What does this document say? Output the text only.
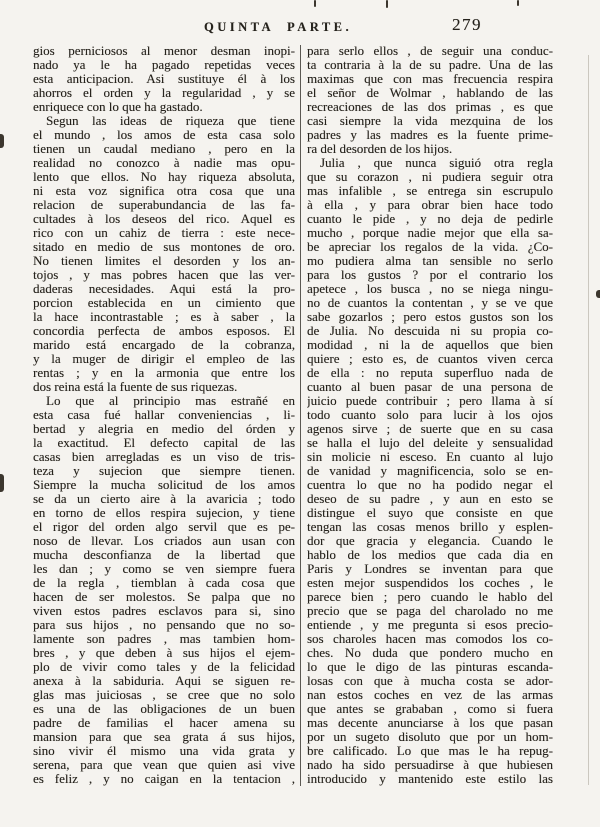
QUINTA PARTE.	279
gios perniciosos al menor desman inopi-
nado ya le ha pagado repetidas veces
esta anticipacion. Asi sustituye él à los
ahorros el orden y la regularidad , y se
enriquece con lo que ha gastado.
Segun las ideas de riqueza que tiene
el mundo , los amos de esta casa solo
tienen un caudal mediano , pero en la
realidad no conozco à nadie mas opu-
lento que ellos. No hay riqueza absoluta,
ni esta voz significa otra cosa que una
relacion de superabundancia de las fa-
cultades à los deseos del rico. Aquel es
rico con un cahiz de tierra : este nece-
sitado en medio de sus montones de oro.
No tienen limites el desorden y los an-
tojos , y mas pobres hacen que las ver-
daderas necesidades. Aqui está la pro-
porcion establecida en un cimiento que
la hace incontrastable ; es à saber , la
concordia perfecta de ambos esposos. El
marido está encargado de la cobranza,
y la muger de dirigir el empleo de las
rentas ; y en la armonia que entre los
dos reina está la fuente de sus riquezas.
Lo que al principio mas estrañé en
esta casa fué hallar conveniencias , li-
bertad y alegria en medio del órden y
la exactitud. El defecto capital de las
casas bien arregladas es un viso de tris-
teza y sujecion que siempre tienen.
Siempre la mucha solicitud de los amos
se da un cierto aire à la avaricia ; todo
en torno de ellos respira sujecion, y tiene
el rigor del orden algo servil que es pe-
noso de llevar. Los criados aun usan con
mucha desconfianza de la libertad que
les dan ; y como se ven siempre fuera
de la regla , tiemblan à cada cosa que
hacen de ser molestos. Se palpa que no
viven estos padres esclavos para si, sino
para sus hijos , no pensando que no so-
lamente son padres , mas tambien hom-
bres , y que deben à sus hijos el ejem-
plo de vivir como tales y de la felicidad
anexa à la sabiduria. Aqui se siguen re-
glas mas juiciosas , se cree que no solo
es una de las obligaciones de un buen
padre de familias el hacer amena su
mansion para que sea grata á sus hijos,
sino vivir él mismo una vida grata y
serena, para que vean que quien asi vive
es feliz , y no caigan en la tentacion ,
para serlo ellos , de seguir una conduc-
ta contraria à la de su padre. Una de las
maximas que con mas frecuencia respira
el señor de Wolmar , hablando de las
recreaciones de las dos primas , es que
casi siempre la vida mezquina de los
padres y las madres es la fuente prime-
ra del desorden de los hijos.
Julia , que nunca siguió otra regla
que su corazon , ni pudiera seguir otra
mas infalible , se entrega sin escrupulo
à ella , y para obrar bien hace todo
cuanto le pide , y no deja de pedirle
mucho , porque nadie mejor que ella sa-
be apreciar los regalos de la vida. ¿Co-
mo pudiera alma tan sensible no serlo
para los gustos ? por el contrario los
apetece , los busca , no se niega ningu-
no de cuantos la contentan , y se ve que
sabe gozarlos ; pero estos gustos son los
de Julia. No descuida ni su propia co-
modidad , ni la de aquellos que bien
quiere ; esto es, de cuantos viven cerca
de ella : no reputa superfluo nada de
cuanto al buen pasar de una persona de
juicio puede contribuir ; pero llama à sí
todo cuanto solo para lucir à los ojos
agenos sirve ; de suerte que en su casa
se halla el lujo del deleite y sensualidad
sin molicie ni esceso. En cuanto al lujo
de vanidad y magnificencia, solo se en-
cuentra lo que no ha podido negar el
deseo de su padre , y aun en esto se
distingue el suyo que consiste en que
tengan las cosas menos brillo y esplen-
dor que gracia y elegancia. Cuando le
hablo de los medios que cada dia en
Paris y Londres se inventan para que
esten mejor suspendidos los coches , le
parece bien ; pero cuando le hablo del
precio que se paga del charolado no me
entiende , y me pregunta si esos precio-
sos charoles hacen mas comodos los co-
ches. No duda que pondero mucho en
lo que le digo de las pinturas escanda-
losas con que à mucha costa se ador-
nan estos coches en vez de las armas
que antes se grababan , como si fuera
mas decente anunciarse à los que pasan
por un sugeto disoluto que por un hom-
bre calificado. Lo que mas le ha repug-
nado ha sido persuadirse à que hubiesen
introducido y mantenido este estilo las
